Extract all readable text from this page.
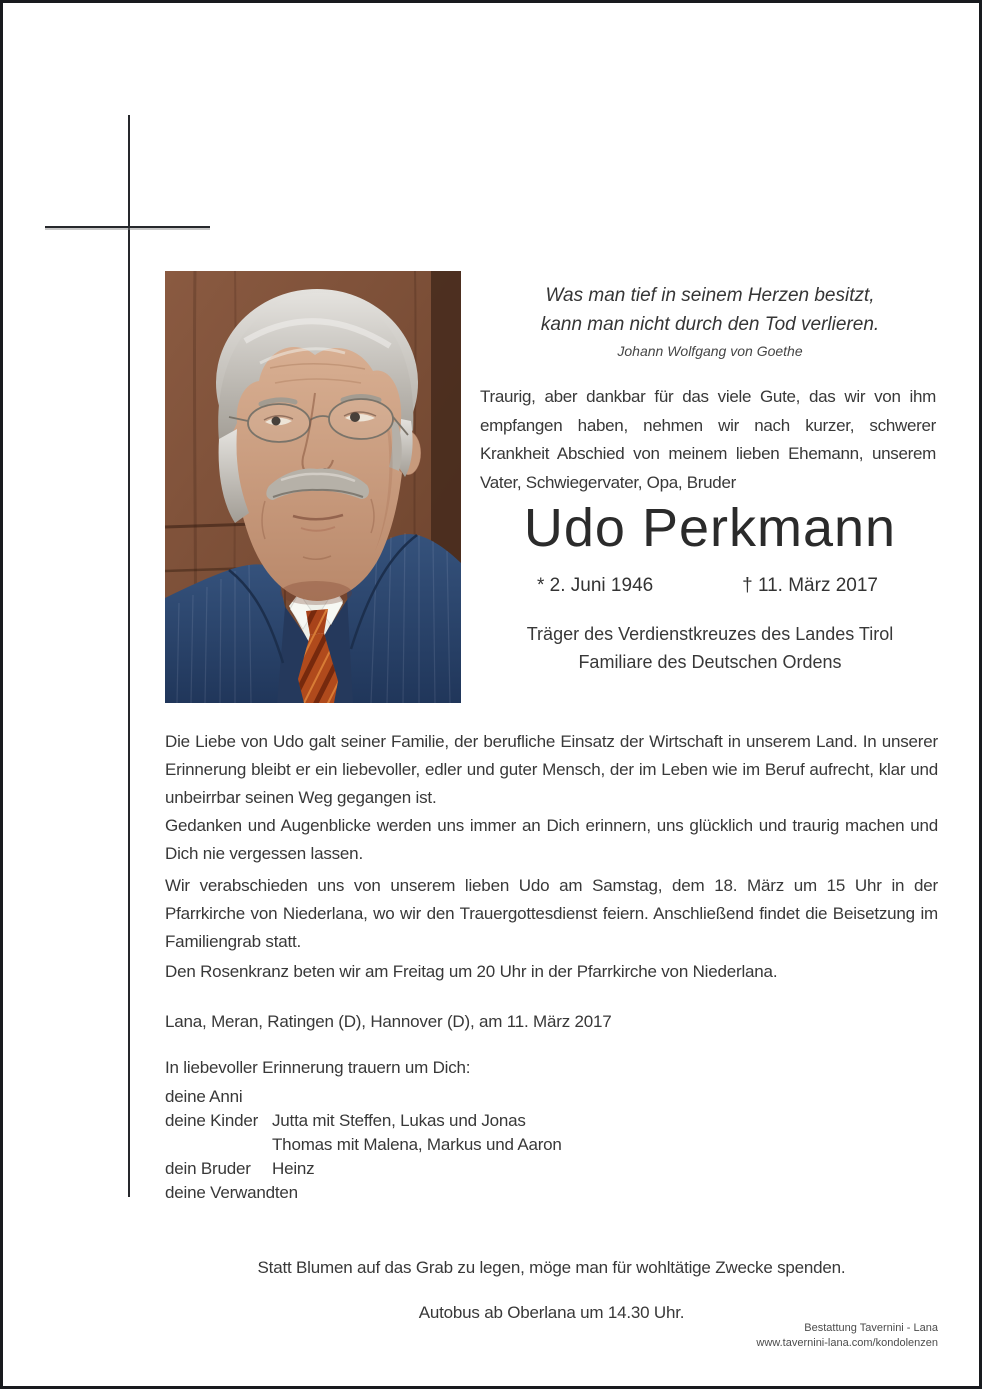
Was man tief in seinem Herzen besitzt,
kann man nicht durch den Tod verlieren.
Johann Wolfgang von Goethe
Traurig, aber dankbar für das viele Gute, das wir von ihm empfangen haben, nehmen wir nach kurzer, schwerer Krankheit Abschied von meinem lieben Ehemann, unserem Vater, Schwiegervater, Opa, Bruder
Udo Perkmann
* 2. Juni 1946	† 11. März 2017
Träger des Verdienstkreuzes des Landes Tirol
Familiare des Deutschen Ordens

Die Liebe von Udo galt seiner Familie, der berufliche Einsatz der Wirtschaft in unserem Land. In unserer Erinnerung bleibt er ein liebevoller, edler und guter Mensch, der im Leben wie im Beruf aufrecht, klar und unbeirrbar seinen Weg gegangen ist.

Gedanken und Augenblicke werden uns immer an Dich erinnern, uns glücklich und traurig machen und Dich nie vergessen lassen.

Wir verabschieden uns von unserem lieben Udo am Samstag, dem 18. März um 15 Uhr in der Pfarrkirche von Niederlana, wo wir den Trauergottesdienst feiern. Anschließend findet die Beisetzung im Familiengrab statt.
Den Rosenkranz beten wir am Freitag um 20 Uhr in der Pfarrkirche von Niederlana.
Lana, Meran, Ratingen (D), Hannover (D), am 11. März 2017
In liebevoller Erinnerung trauern um Dich:
deine Anni
deine Kinder Jutta mit Steffen, Lukas und Jonas
Thomas mit Malena, Markus und Aaron
dein Bruder Heinz
deine Verwandten
Statt Blumen auf das Grab zu legen, möge man für wohltätige Zwecke spenden.
Autobus ab Oberlana um 14.30 Uhr.
Bestattung Tavernini - Lana
www.tavernini-lana.com/kondolenzen
